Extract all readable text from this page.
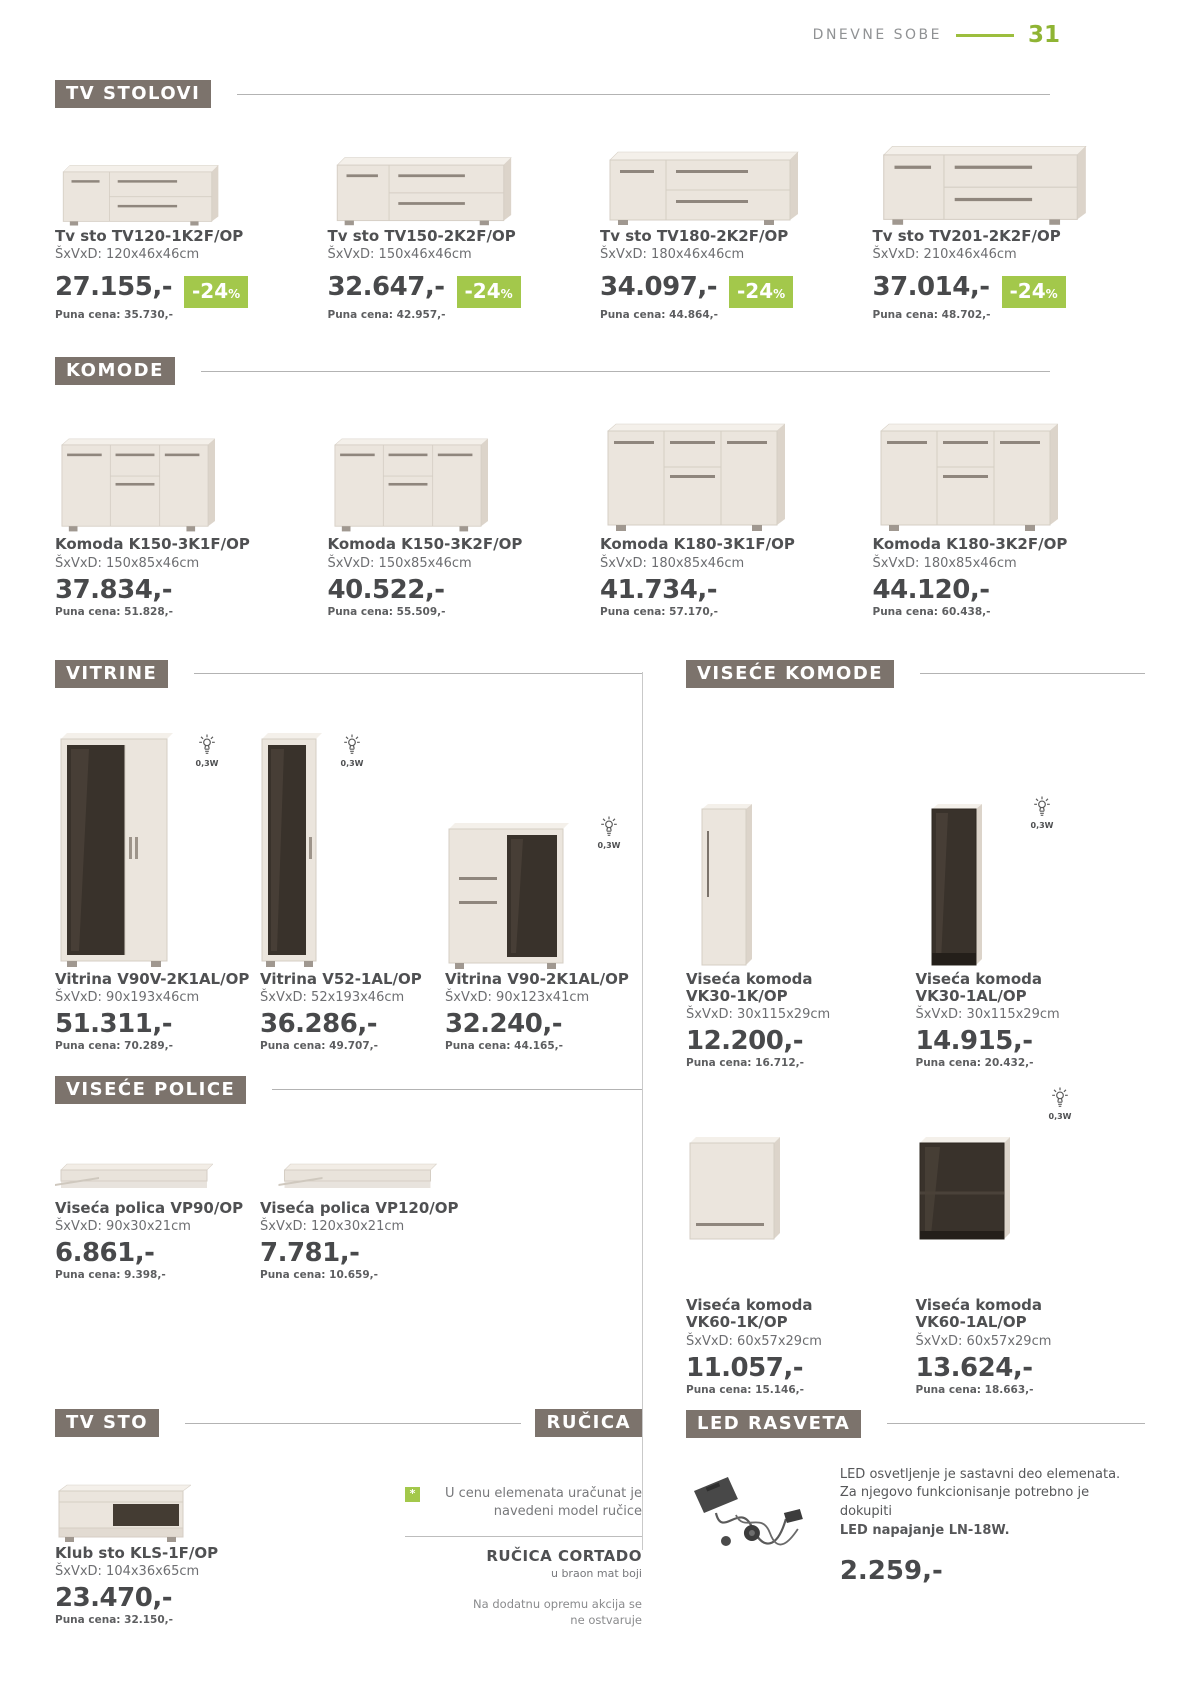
DNEVNE SOBE	31
TV STOLOVI
Tv sto TV120-1K2F/OP
ŠxVxD: 120x46x46cm
27.155,-	-24%
Puna cena: 35.730,-
Tv sto TV150-2K2F/OP
ŠxVxD: 150x46x46cm
32.647,-	-24%
Puna cena: 42.957,-
Tv sto TV180-2K2F/OP
ŠxVxD: 180x46x46cm
34.097,-	-24%
Puna cena: 44.864,-
Tv sto TV201-2K2F/OP
ŠxVxD: 210x46x46cm
37.014,-	-24%
Puna cena: 48.702,-
KOMODE
Komoda K150-3K1F/OP
ŠxVxD: 150x85x46cm
37.834,-
Puna cena: 51.828,-
Komoda K150-3K2F/OP
ŠxVxD: 150x85x46cm
40.522,-
Puna cena: 55.509,-
Komoda K180-3K1F/OP
ŠxVxD: 180x85x46cm
41.734,-
Puna cena: 57.170,-
Komoda K180-3K2F/OP
ŠxVxD: 180x85x46cm
44.120,-
Puna cena: 60.438,-
VITRINE
0,3W
Vitrina V90V-2K1AL/OP
ŠxVxD: 90x193x46cm
51.311,-
Puna cena: 70.289,-
0,3W
Vitrina V52-1AL/OP
ŠxVxD: 52x193x46cm
36.286,-
Puna cena: 49.707,-
0,3W
Vitrina V90-2K1AL/OP
ŠxVxD: 90x123x41cm
32.240,-
Puna cena: 44.165,-
VISEĆE POLICE
Viseća polica VP90/OP
ŠxVxD: 90x30x21cm
6.861,-
Puna cena: 9.398,-
Viseća polica VP120/OP
ŠxVxD: 120x30x21cm
7.781,-
Puna cena: 10.659,-
TV STO
Klub sto KLS-1F/OP
ŠxVxD: 104x36x65cm
23.470,-
Puna cena: 32.150,-
RUČICA
*	U cenu elemenata uračunat je navedeni model ručice
RUČICA CORTADO
u braon mat boji
Na dodatnu opremu akcija se ne ostvaruje
VISEĆE KOMODE
Viseća komoda VK30-1K/OP
ŠxVxD: 30x115x29cm
12.200,-
Puna cena: 16.712,-
0,3W
Viseća komoda VK30-1AL/OP
ŠxVxD: 30x115x29cm
14.915,-
Puna cena: 20.432,-
Viseća komoda VK60-1K/OP
ŠxVxD: 60x57x29cm
11.057,-
Puna cena: 15.146,-
0,3W
Viseća komoda VK60-1AL/OP
ŠxVxD: 60x57x29cm
13.624,-
Puna cena: 18.663,-
LED RASVETA
LED osvetljenje je sastavni deo elemenata.
Za njegovo funkcionisanje potrebno je dokupiti
LED napajanje LN-18W.
2.259,-
